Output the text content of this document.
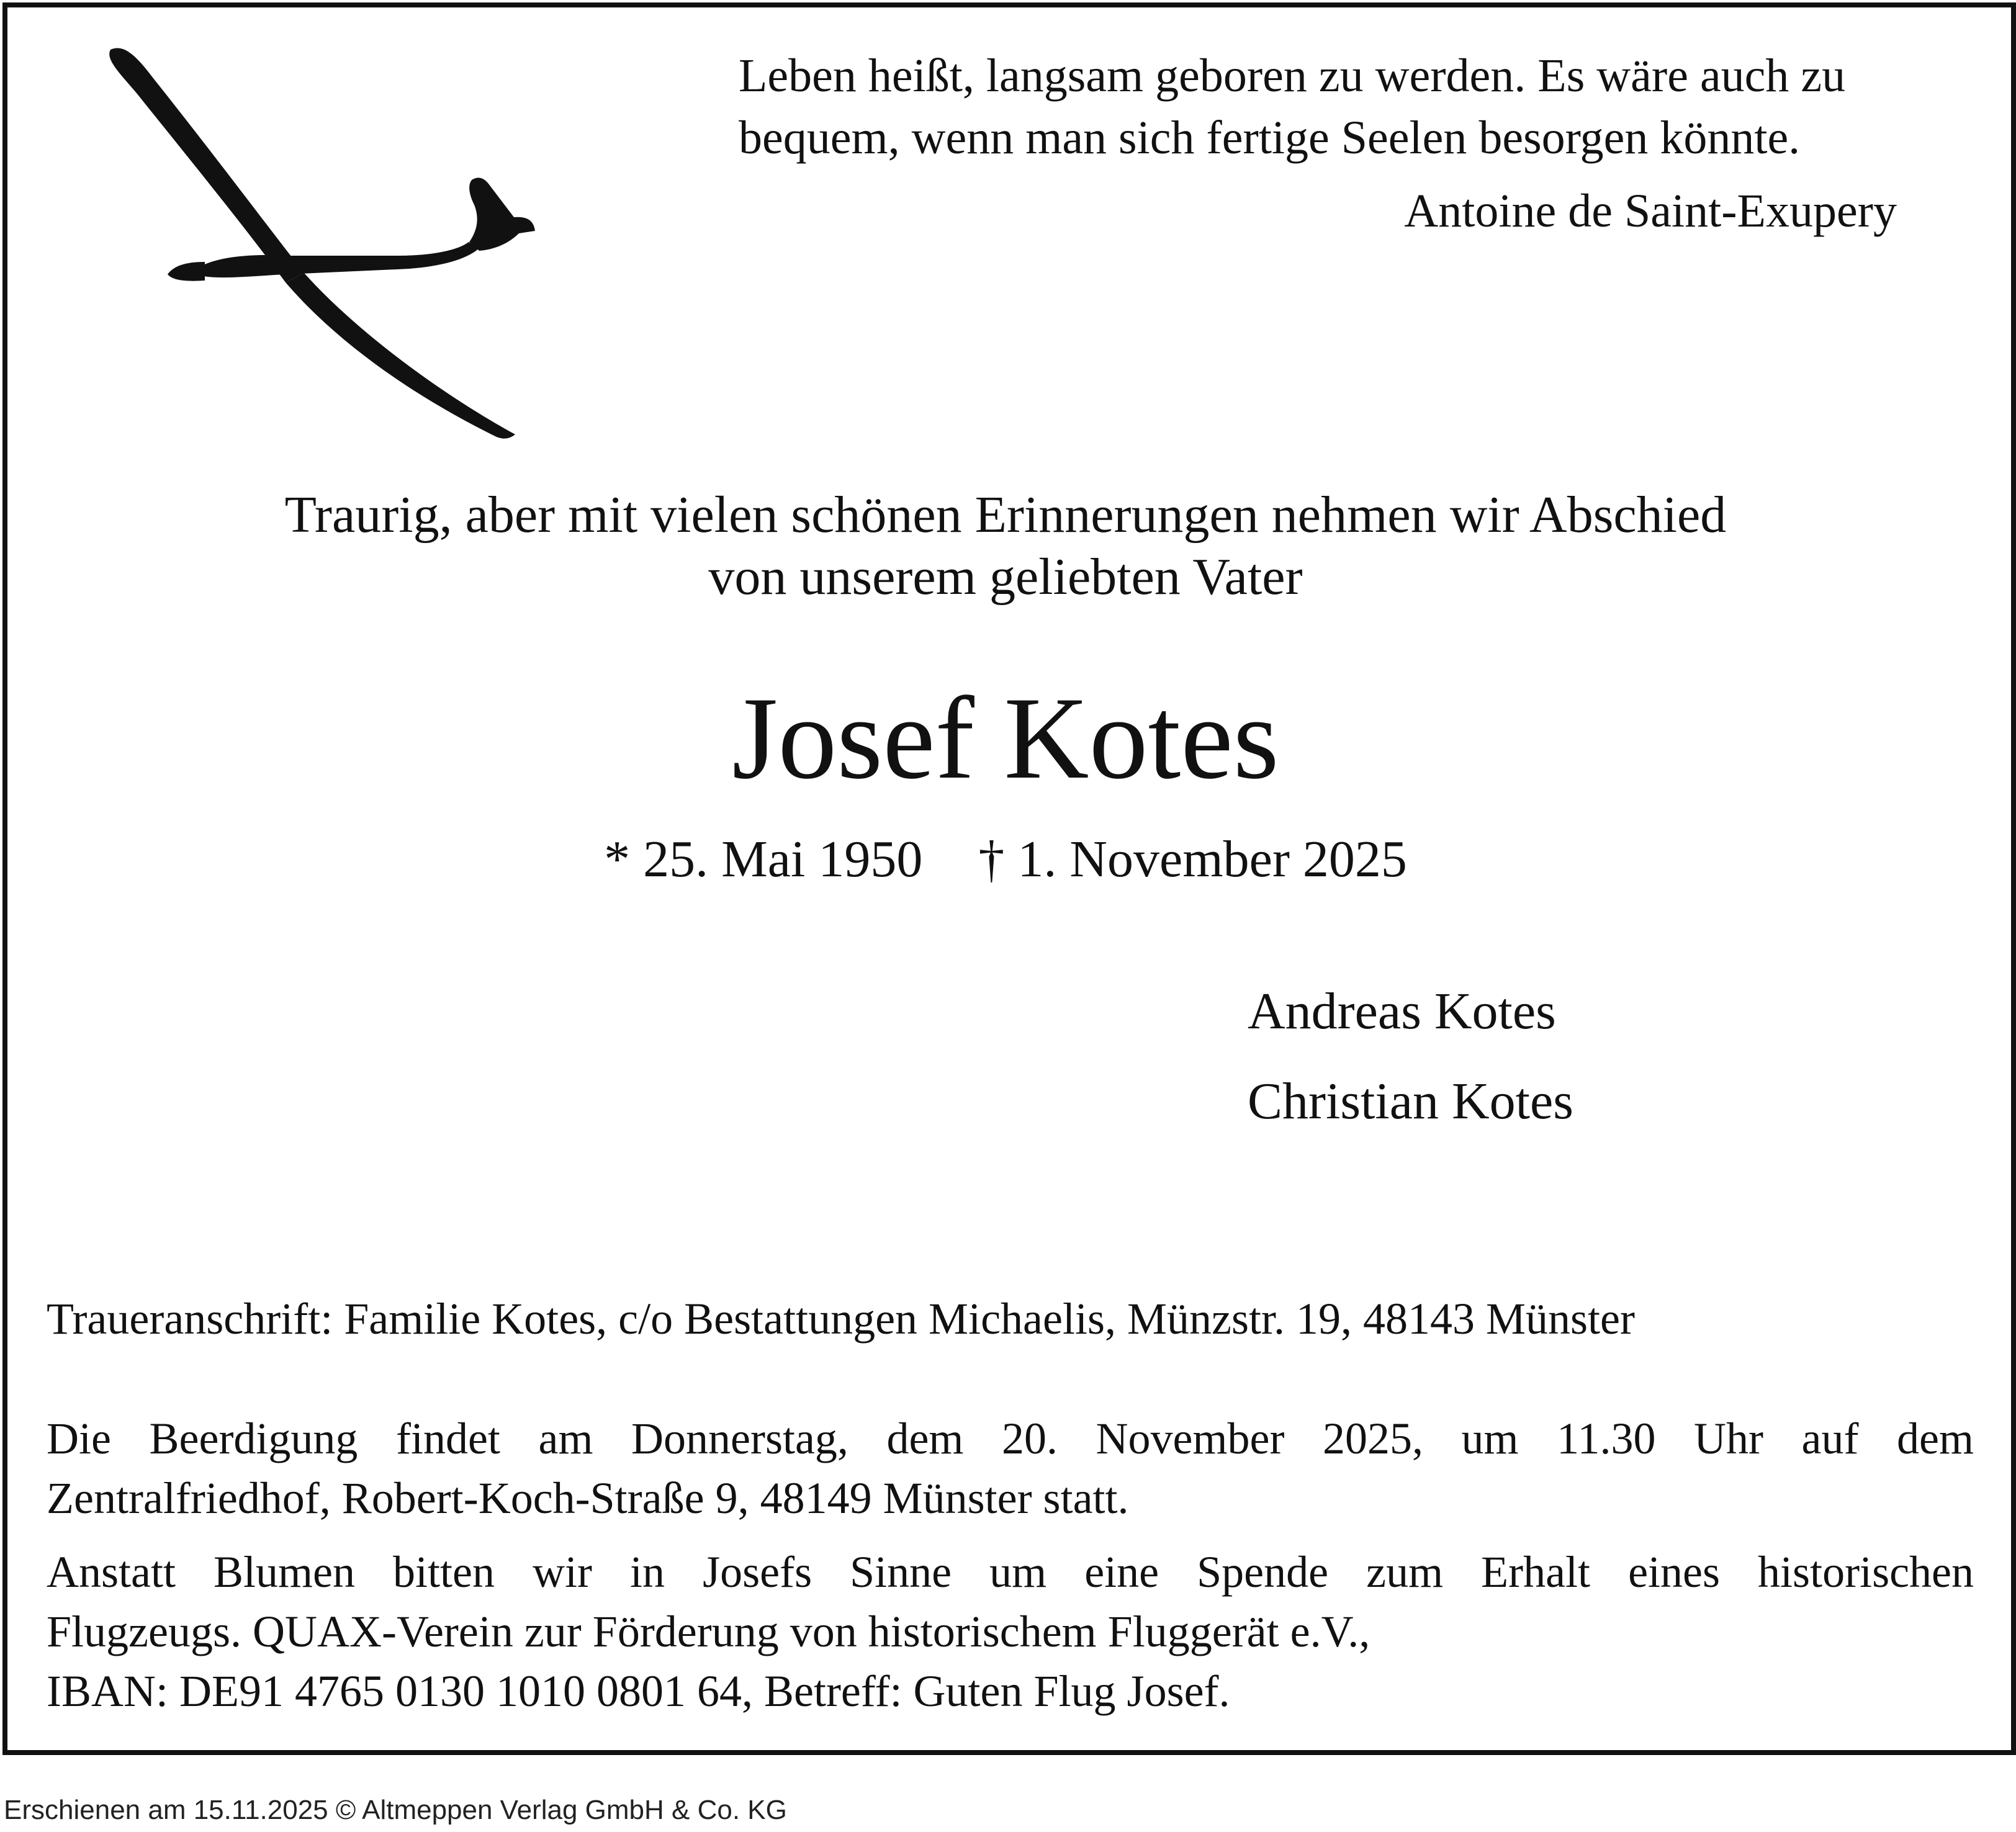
Leben heißt, langsam geboren zu werden. Es wäre auch zu
bequem, wenn man sich fertige Seelen besorgen könnte.
Antoine de Saint-Exupery
Traurig, aber mit vielen schönen Erinnerungen nehmen wir Abschied
von unserem geliebten Vater
Josef Kotes
* 25. Mai 1950 † 1. November 2025
Andreas Kotes
Christian Kotes
Traueranschrift: Familie Kotes, c/o Bestattungen Michaelis, Münzstr. 19, 48143 Münster
Die Beerdigung findet am Donnerstag, dem 20. November 2025, um 11.30 Uhr auf dem
Zentralfriedhof, Robert-Koch-Straße 9, 48149 Münster statt.
Anstatt Blumen bitten wir in Josefs Sinne um eine Spende zum Erhalt eines historischen
Flugzeugs. QUAX-Verein zur Förderung von historischem Fluggerät e.V.,
IBAN: DE91 4765 0130 1010 0801 64, Betreff: Guten Flug Josef.
Erschienen am 15.11.2025 © Altmeppen Verlag GmbH & Co. KG
